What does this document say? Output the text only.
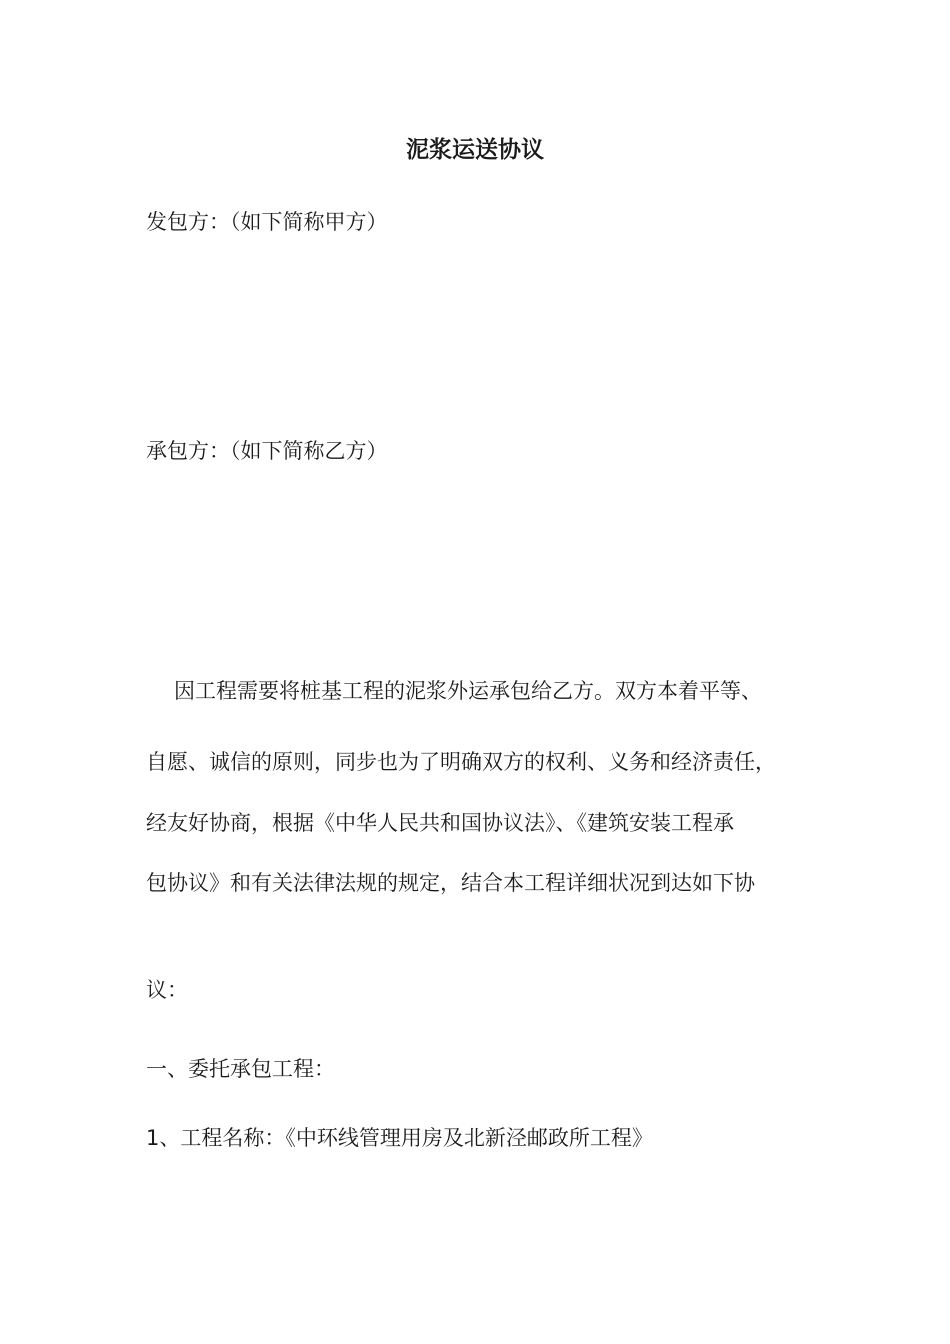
泥浆运送协议
发包方：（如下简称甲方）
承包方：（如下简称乙方）
因工程需要将桩基工程的泥浆外运承包给乙方。双方本着平等、
自愿、诚信的原则，同步也为了明确双方的权利、义务和经济责任，
经友好协商，根据《中华人民共和国协议法》、《建筑安装工程承
包协议》和有关法律法规的规定，结合本工程详细状况到达如下协
议：
一、委托承包工程：
1、工程名称：《中环线管理用房及北新泾邮政所工程》
